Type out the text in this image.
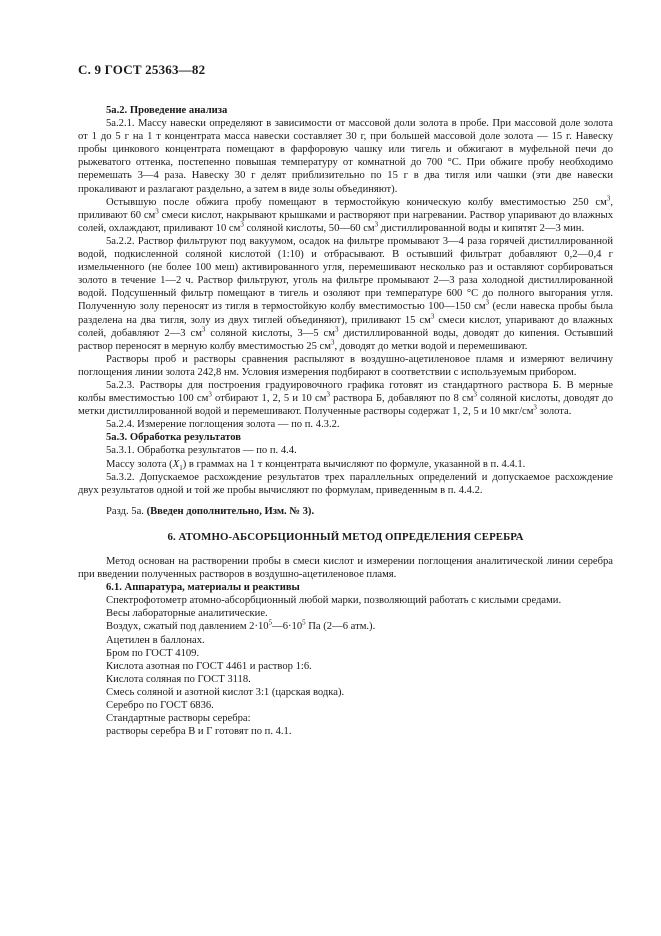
С. 9 ГОСТ 25363—82

5а.2. Проведение анализа

5а.2.1. Массу навески определяют в зависимости от массовой доли золота в пробе. При массовой доле золота от 1 до 5 г на 1 т концентрата масса навески составляет 30 г, при большей массовой доле золота — 15 г. Навеску пробы цинкового концентрата помещают в фарфоровую чашку или тигель и обжигают в муфельной печи до рыжеватого оттенка, постепенно повышая температуру от комнатной до 700 °С. При обжиге пробу необходимо перемешать 3—4 раза. Навеску 30 г делят приблизительно по 15 г в два тигля или чашки (эти две навески прокаливают и разлагают раздельно, а затем в виде золы объединяют).

Остывшую после обжига пробу помещают в термостойкую коническую колбу вместимостью 250 $см^3$, приливают 60 $см^3$ смеси кислот, накрывают крышками и растворяют при нагревании. Раствор упаривают до влажных солей, охлаждают, приливают 10 $см^3$ соляной кислоты, 50—60 $см^3$ дистиллированной воды и кипятят 2—3 мин.

5а.2.2. Раствор фильтруют под вакуумом, осадок на фильтре промывают 3—4 раза горячей дистиллированной водой, подкисленной соляной кислотой (1:10) и отбрасывают. В остывший фильтрат добавляют 0,2—0,4 г измельченного (не более 100 меш) активированного угля, перемешивают несколько раз и оставляют сорбироваться золото в течение 1—2 ч. Раствор фильтруют, уголь на фильтре промывают 2—3 раза холодной дистиллированной водой. Подсушенный фильтр помещают в тигель и озоляют при температуре 600 °С до полного выгорания угля. Полученную золу переносят из тигля в термостойкую колбу вместимостью 100—150 $см^3$ (если навеска пробы была разделена на два тигля, золу из двух тиглей объединяют), приливают 15 $см^3$ смеси кислот, упаривают до влажных солей, добавляют 2—3 $см^3$ соляной кислоты, 3—5 $см^3$ дистиллированной воды, доводят до кипения. Остывший раствор переносят в мерную колбу вместимостью 25 $см^3$, доводят до метки водой и перемешивают.

Растворы проб и растворы сравнения распыляют в воздушно-ацетиленовое пламя и измеряют величину поглощения линии золота 242,8 нм. Условия измерения подбирают в соответствии с используемым прибором.

5а.2.3. Растворы для построения градуировочного графика готовят из стандартного раствора Б. В мерные колбы вместимостью 100 $см^3$ отбирают 1, 2, 5 и 10 $см^3$ раствора Б, добавляют по 8 $см^3$ соляной кислоты, доводят до метки дистиллированной водой и перемешивают. Полученные растворы содержат 1, 2, 5 и 10 мкг/$см^3$ золота.

5а.2.4. Измерение поглощения золота — по п. 4.3.2.

5а.3. Обработка результатов

5а.3.1. Обработка результатов — по п. 4.4.

Массу золота $(X_1)$ в граммах на 1 т концентрата вычисляют по формуле, указанной в п. 4.4.1.

5а.3.2. Допускаемое расхождение результатов трех параллельных определений и допускаемое расхождение двух результатов одной и той же пробы вычисляют по формулам, приведенным в п. 4.4.2.

Разд. 5а. (Введен дополнительно, Изм. № 3).

6. АТОМНО-АБСОРБЦИОННЫЙ МЕТОД ОПРЕДЕЛЕНИЯ СЕРЕБРА

Метод основан на растворении пробы в смеси кислот и измерении поглощения аналитической линии серебра при введении полученных растворов в воздушно-ацетиленовое пламя.

6.1. Аппаратура, материалы и реактивы

Спектрофотометр атомно-абсорбционный любой марки, позволяющий работать с кислыми средами.

Весы лабораторные аналитические.

Воздух, сжатый под давлением $2\cdot 10^5—6\cdot 10^5$ Па (2—6 атм.).

Ацетилен в баллонах.

Бром по ГОСТ 4109.

Кислота азотная по ГОСТ 4461 и раствор 1:6.

Кислота соляная по ГОСТ 3118.

Смесь соляной и азотной кислот 3:1 (царская водка).

Серебро по ГОСТ 6836.

Стандартные растворы серебра:

растворы серебра В и Г готовят по п. 4.1.
